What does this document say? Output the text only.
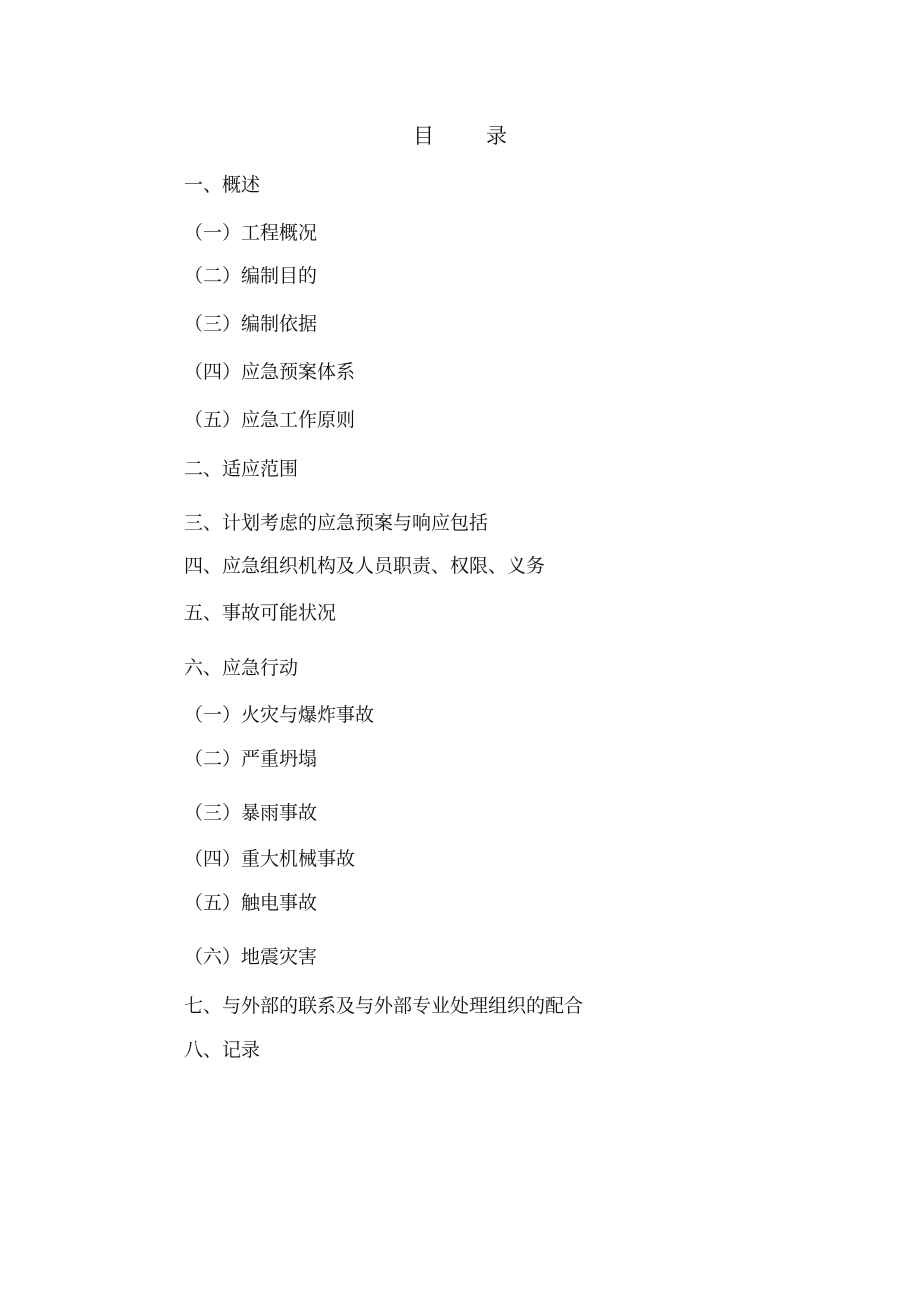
目录
一、概述
（一）工程概况
（二）编制目的
（三）编制依据
（四）应急预案体系
（五）应急工作原则
二、适应范围
三、计划考虑的应急预案与响应包括
四、应急组织机构及人员职责、权限、义务
五、事故可能状况
六、应急行动
（一）火灾与爆炸事故
（二）严重坍塌
（三）暴雨事故
（四）重大机械事故
（五）触电事故
（六）地震灾害
七、与外部的联系及与外部专业处理组织的配合
八、记录
